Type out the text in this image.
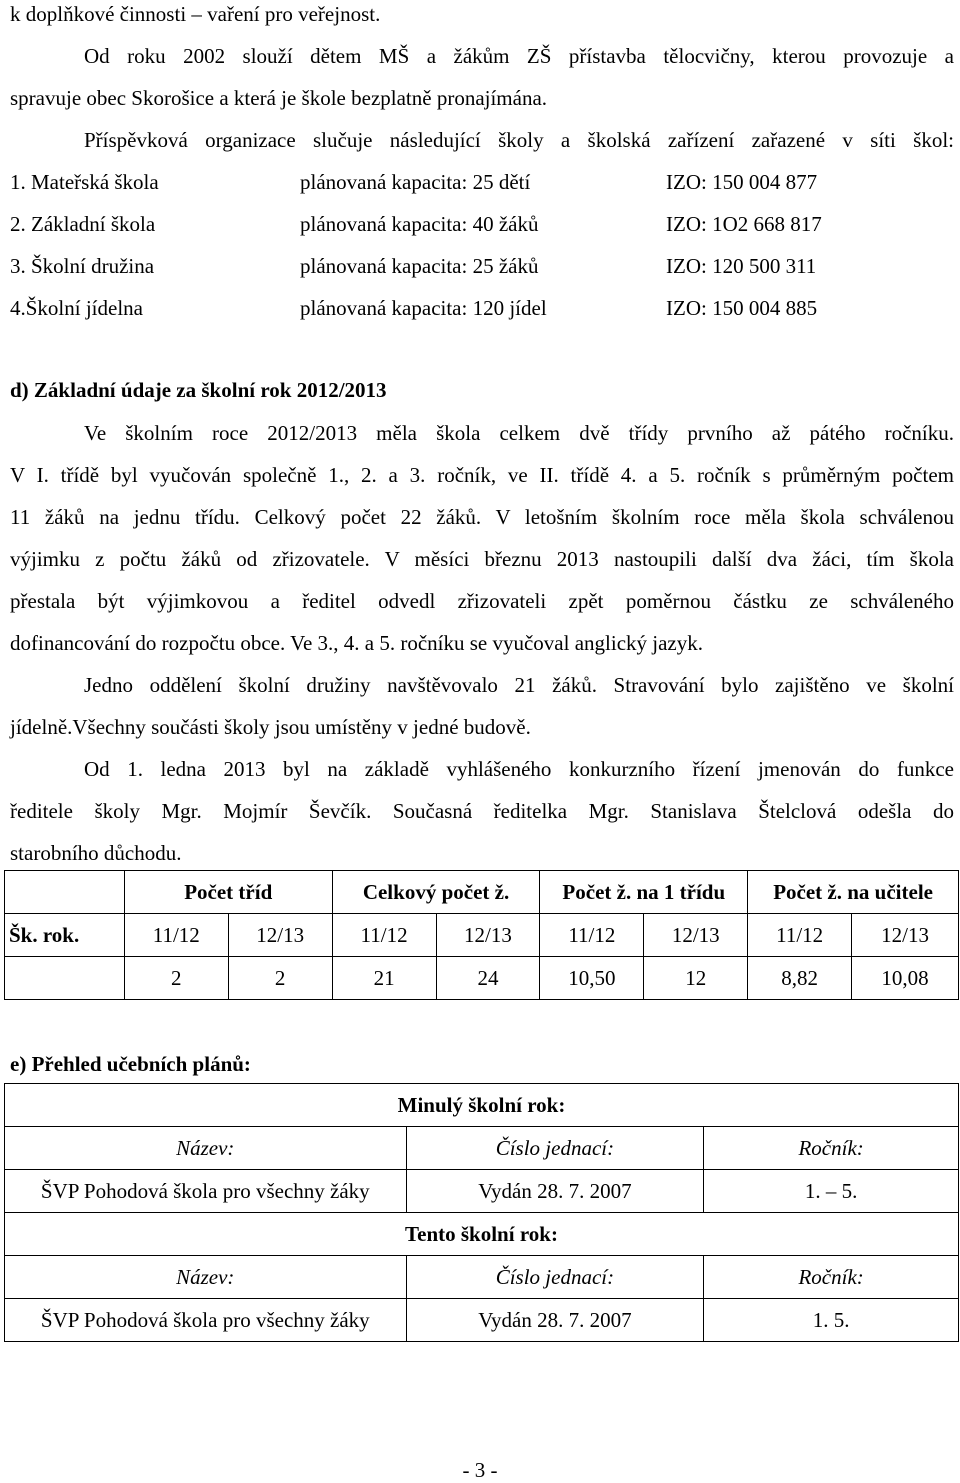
k doplňkové činnosti – vaření pro veřejnost.
Od roku 2002 slouží dětem MŠ a žákům ZŠ přístavba tělocvičny, kterou provozuje a
spravuje obec Skorošice a která je škole bezplatně pronajímána.
Příspěvková organizace slučuje následující školy a školská zařízení zařazené v síti škol:
1. Mateřská škola	plánovaná kapacita: 25 dětí	IZO: 150 004 877
2. Základní škola	plánovaná kapacita: 40 žáků	IZO: 1O2 668 817
3. Školní družina	plánovaná kapacita: 25 žáků	IZO: 120 500 311
4.Školní jídelna	plánovaná kapacita: 120 jídel	IZO: 150 004 885
d) Základní údaje za školní rok 2012/2013
Ve školním roce 2012/2013 měla škola celkem dvě třídy prvního až pátého ročníku.
V I. třídě byl vyučován společně 1., 2. a 3. ročník, ve II. třídě 4. a 5. ročník s průměrným počtem
11 žáků na jednu třídu. Celkový počet 22 žáků. V letošním školním roce měla škola schválenou
výjimku z počtu žáků od zřizovatele. V měsíci březnu 2013 nastoupili další dva žáci, tím škola
přestala být výjimkovou a ředitel odvedl zřizovateli zpět poměrnou částku ze schváleného
dofinancování do rozpočtu obce. Ve 3., 4. a 5. ročníku se vyučoval anglický jazyk.
Jedno oddělení školní družiny navštěvovalo 21 žáků. Stravování bylo zajištěno ve školní
jídelně.Všechny součásti školy jsou umístěny v jedné budově.
Od 1. ledna 2013 byl na základě vyhlášeného konkurzního řízení jmenován do funkce
ředitele školy Mgr. Mojmír Ševčík. Současná ředitelka Mgr. Stanislava Štelclová odešla do
starobního důchodu.
	Počet tříd		Celkový počet ž.		Počet ž. na 1 třídu		Počet ž. na učitele	
Šk. rok.	11/12	12/13	11/12	12/13	11/12	12/13	11/12	12/13
	2	2	21	24	10,50	12	8,82	10,08
e) Přehled učebních plánů:
Minulý školní rok:		
Název:	Číslo jednací:	Ročník:
ŠVP Pohodová škola pro všechny žáky	Vydán 28. 7. 2007	1. – 5.
Tento školní rok:		
Název:	Číslo jednací:	Ročník:
ŠVP Pohodová škola pro všechny žáky	Vydán 28. 7. 2007	1. 5.
- 3 -
